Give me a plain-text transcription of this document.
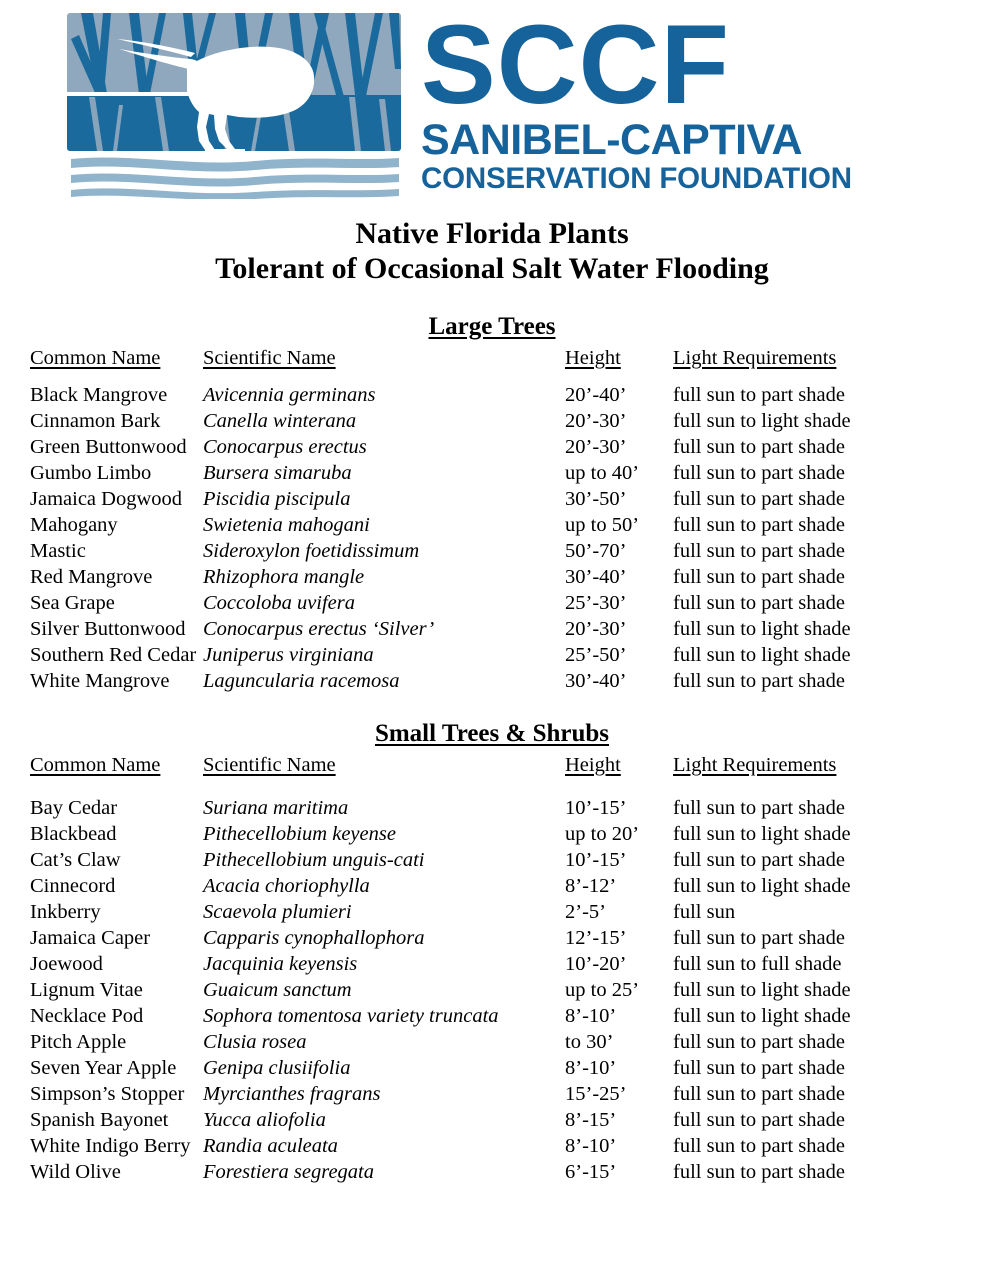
SCCF
SANIBEL-CAPTIVA
CONSERVATION FOUNDATION
Native Florida Plants
Tolerant of Occasional Salt Water Flooding
Large Trees
Common Name	Scientific Name	Height	Light Requirements
Black Mangrove	Avicennia germinans	20’-40’	full sun to part shade
Cinnamon Bark	Canella winterana	20’-30’	full sun to light shade
Green Buttonwood	Conocarpus erectus	20’-30’	full sun to part shade
Gumbo Limbo	Bursera simaruba	up to 40’	full sun to part shade
Jamaica Dogwood	Piscidia piscipula	30’-50’	full sun to part shade
Mahogany	Swietenia mahogani	up to 50’	full sun to part shade
Mastic	Sideroxylon foetidissimum	50’-70’	full sun to part shade
Red Mangrove	Rhizophora mangle	30’-40’	full sun to part shade
Sea Grape	Coccoloba uvifera	25’-30’	full sun to part shade
Silver Buttonwood	Conocarpus erectus ‘Silver’	20’-30’	full sun to light shade
Southern Red Cedar	Juniperus virginiana	25’-50’	full sun to light shade
White Mangrove	Laguncularia racemosa	30’-40’	full sun to part shade
Small Trees & Shrubs
Common Name	Scientific Name	Height	Light Requirements
Bay Cedar	Suriana maritima	10’-15’	full sun to part shade
Blackbead	Pithecellobium keyense	up to 20’	full sun to light shade
Cat’s Claw	Pithecellobium unguis-cati	10’-15’	full sun to part shade
Cinnecord	Acacia choriophylla	8’-12’	full sun to light shade
Inkberry	Scaevola plumieri	2’-5’	full sun
Jamaica Caper	Capparis cynophallophora	12’-15’	full sun to part shade
Joewood	Jacquinia keyensis	10’-20’	full sun to full shade
Lignum Vitae	Guaicum sanctum	up to 25’	full sun to light shade
Necklace Pod	Sophora tomentosa variety truncata	8’-10’	full sun to light shade
Pitch Apple	Clusia rosea	to 30’	full sun to part shade
Seven Year Apple	Genipa clusiifolia	8’-10’	full sun to part shade
Simpson’s Stopper	Myrcianthes fragrans	15’-25’	full sun to part shade
Spanish Bayonet	Yucca aliofolia	8’-15’	full sun to part shade
White Indigo Berry	Randia aculeata	8’-10’	full sun to part shade
Wild Olive	Forestiera segregata	6’-15’	full sun to part shade
